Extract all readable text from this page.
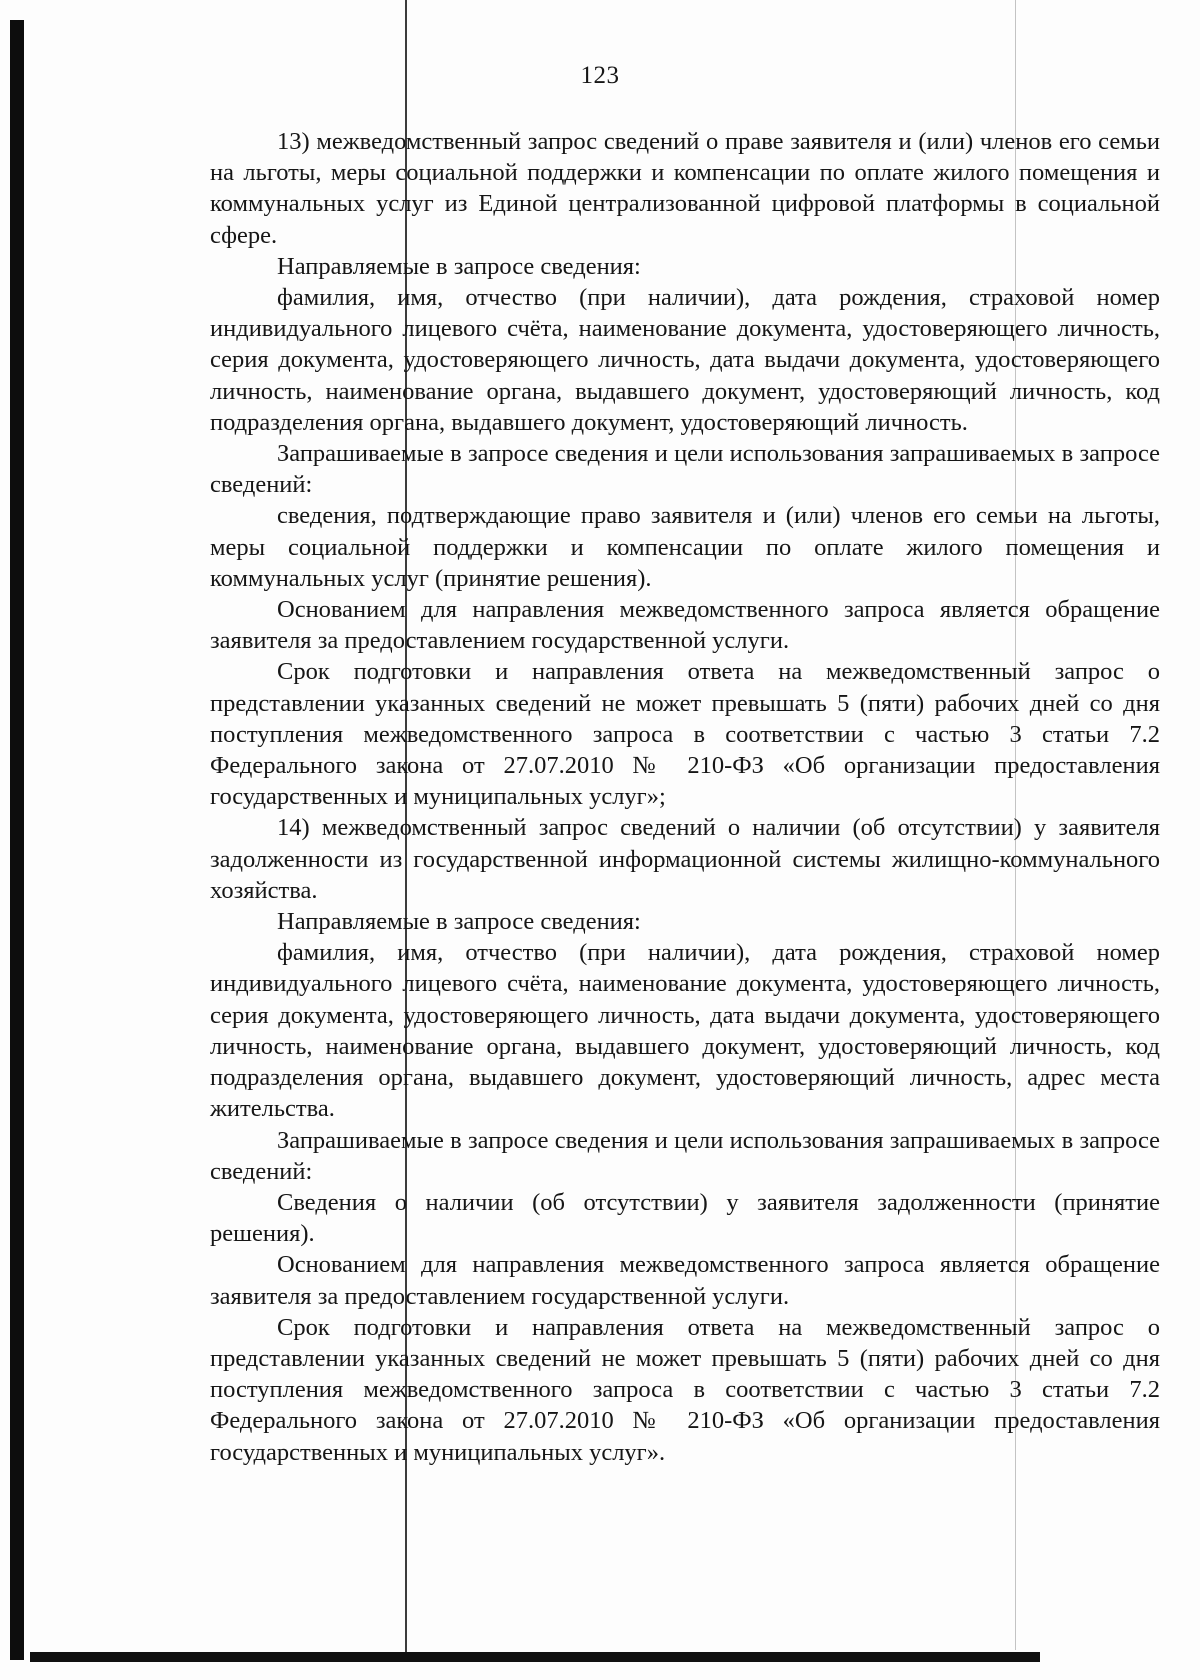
123

13) межведомственный запрос сведений о праве заявителя и (или) членов его семьи на льготы, меры социальной поддержки и компенсации по оплате жилого помещения и коммунальных услуг из Единой централизованной цифровой платформы в социальной сфере.

Направляемые в запросе сведения:

фамилия, имя, отчество (при наличии), дата рождения, страховой номер индивидуального лицевого счёта, наименование документа, удостоверяющего личность, серия документа, удостоверяющего личность, дата выдачи документа, удостоверяющего личность, наименование органа, выдавшего документ, удостоверяющий личность, код подразделения органа, выдавшего документ, удостоверяющий личность.

Запрашиваемые в запросе сведения и цели использования запрашиваемых в запросе сведений:

сведения, подтверждающие право заявителя и (или) членов его семьи на льготы, меры социальной поддержки и компенсации по оплате жилого помещения и коммунальных услуг (принятие решения).

Основанием для направления межведомственного запроса является обращение заявителя за предоставлением государственной услуги.

Срок подготовки и направления ответа на межведомственный запрос о представлении указанных сведений не может превышать 5 (пяти) рабочих дней со дня поступления межведомственного запроса в соответствии с частью 3 статьи 7.2 Федерального закона от 27.07.2010 № 210-ФЗ «Об организации предоставления государственных и муниципальных услуг»;

14) межведомственный запрос сведений о наличии (об отсутствии) у заявителя задолженности из государственной информационной системы жилищно-коммунального хозяйства.

Направляемые в запросе сведения:

фамилия, имя, отчество (при наличии), дата рождения, страховой номер индивидуального лицевого счёта, наименование документа, удостоверяющего личность, серия документа, удостоверяющего личность, дата выдачи документа, удостоверяющего личность, наименование органа, выдавшего документ, удостоверяющий личность, код подразделения органа, выдавшего документ, удостоверяющий личность, адрес места жительства.

Запрашиваемые в запросе сведения и цели использования запрашиваемых в запросе сведений:

Сведения о наличии (об отсутствии) у заявителя задолженности (принятие решения).

Основанием для направления межведомственного запроса является обращение заявителя за предоставлением государственной услуги.

Срок подготовки и направления ответа на межведомственный запрос о представлении указанных сведений не может превышать 5 (пяти) рабочих дней со дня поступления межведомственного запроса в соответствии с частью 3 статьи 7.2 Федерального закона от 27.07.2010 № 210-ФЗ «Об организации предоставления государственных и муниципальных услуг».
